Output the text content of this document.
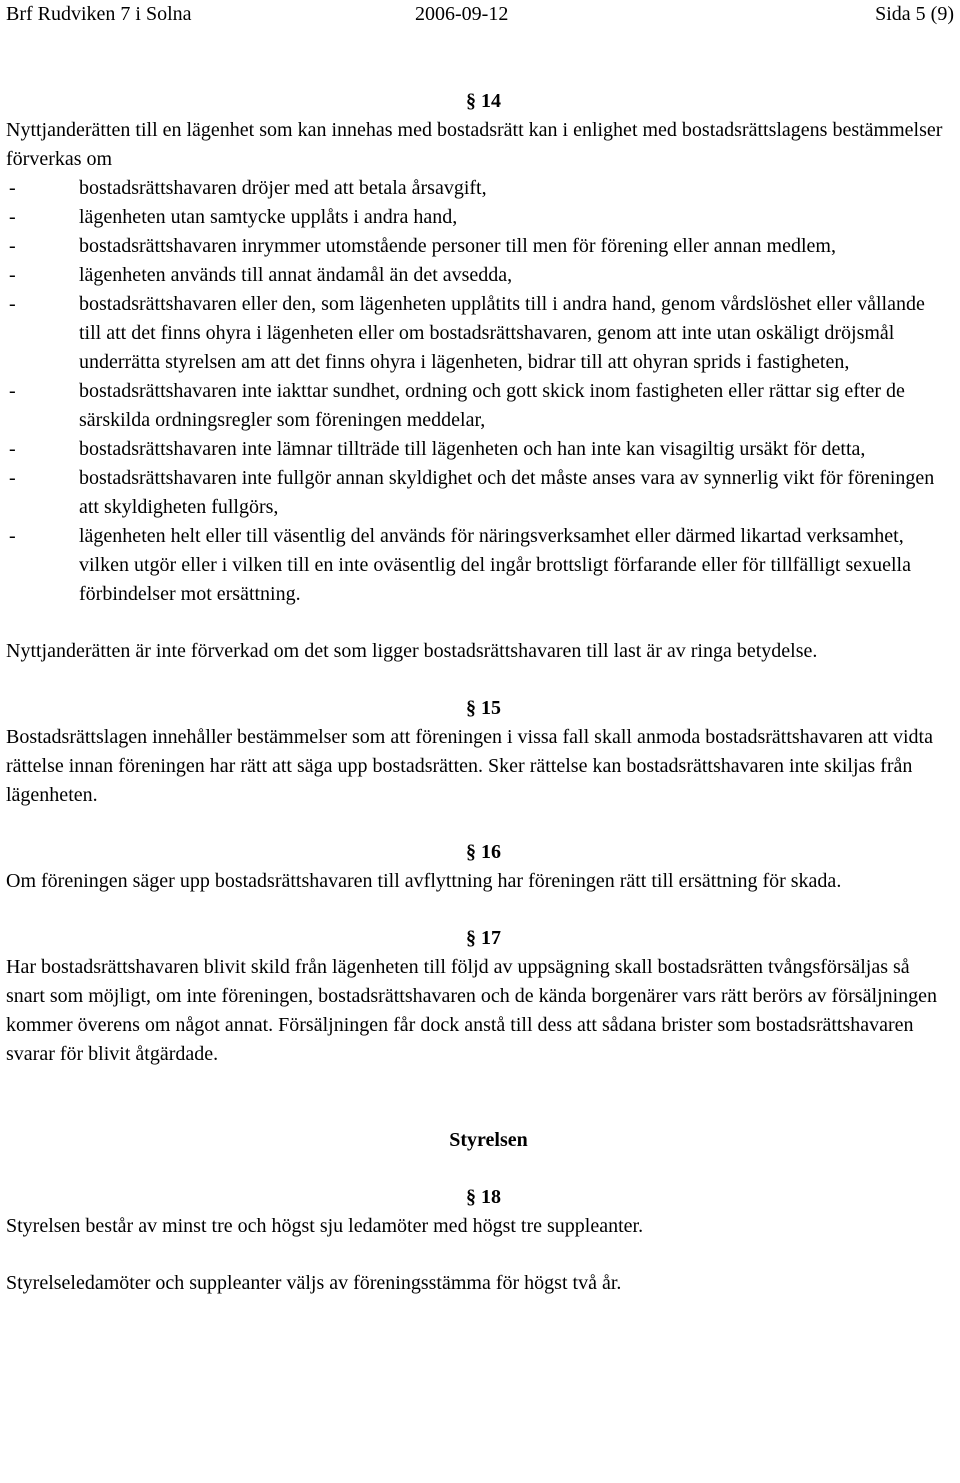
Brf Rudviken 7 i Solna	2006-09-12	Sida 5 (9)

§ 14

Nyttjanderätten till en lägenhet som kan innehas med bostadsrätt kan i enlighet med bostadsrättslagens bestämmelser förverkas om

-	bostadsrättshavaren dröjer med att betala årsavgift,
-	lägenheten utan samtycke upplåts i andra hand,
-	bostadsrättshavaren inrymmer utomstående personer till men för förening eller annan medlem,
-	lägenheten används till annat ändamål än det avsedda,
-	bostadsrättshavaren eller den, som lägenheten upplåtits till i andra hand, genom vårdslöshet eller vållande till att det finns ohyra i lägenheten eller om bostadsrättshavaren, genom att inte utan oskäligt dröjsmål underrätta styrelsen am att det finns ohyra i lägenheten, bidrar till att ohyran sprids i fastigheten,
-	bostadsrättshavaren inte iakttar sundhet, ordning och gott skick inom fastigheten eller rättar sig efter de särskilda ordningsregler som föreningen meddelar,
-	bostadsrättshavaren inte lämnar tillträde till lägenheten och han inte kan visagiltig ursäkt för detta,
-	bostadsrättshavaren inte fullgör annan skyldighet och det måste anses vara av synnerlig vikt för föreningen att skyldigheten fullgörs,
-	lägenheten helt eller till väsentlig del används för näringsverksamhet eller därmed likartad verksamhet, vilken utgör eller i vilken till en inte oväsentlig del ingår brottsligt förfarande eller för tillfälligt sexuella förbindelser mot ersättning.

Nyttjanderätten är inte förverkad om det som ligger bostadsrättshavaren till last är av ringa betydelse.

§ 15

Bostadsrättslagen innehåller bestämmelser som att föreningen i vissa fall skall anmoda bostadsrättshavaren att vidta rättelse innan föreningen har rätt att säga upp bostadsrätten. Sker rättelse kan bostadsrättshavaren inte skiljas från lägenheten.

§ 16

Om föreningen säger upp bostadsrättshavaren till avflyttning har föreningen rätt till ersättning för skada.

§ 17

Har bostadsrättshavaren blivit skild från lägenheten till följd av uppsägning skall bostadsrätten tvångsförsäljas så snart som möjligt, om inte föreningen, bostadsrättshavaren och de kända borgenärer vars rätt berörs av försäljningen kommer överens om något annat. Försäljningen får dock anstå till dess att sådana brister som bostadsrättshavaren svarar för blivit åtgärdade.

Styrelsen

§ 18

Styrelsen består av minst tre och högst sju ledamöter med högst tre suppleanter.

Styrelseledamöter och suppleanter väljs av föreningsstämma för högst två år.
